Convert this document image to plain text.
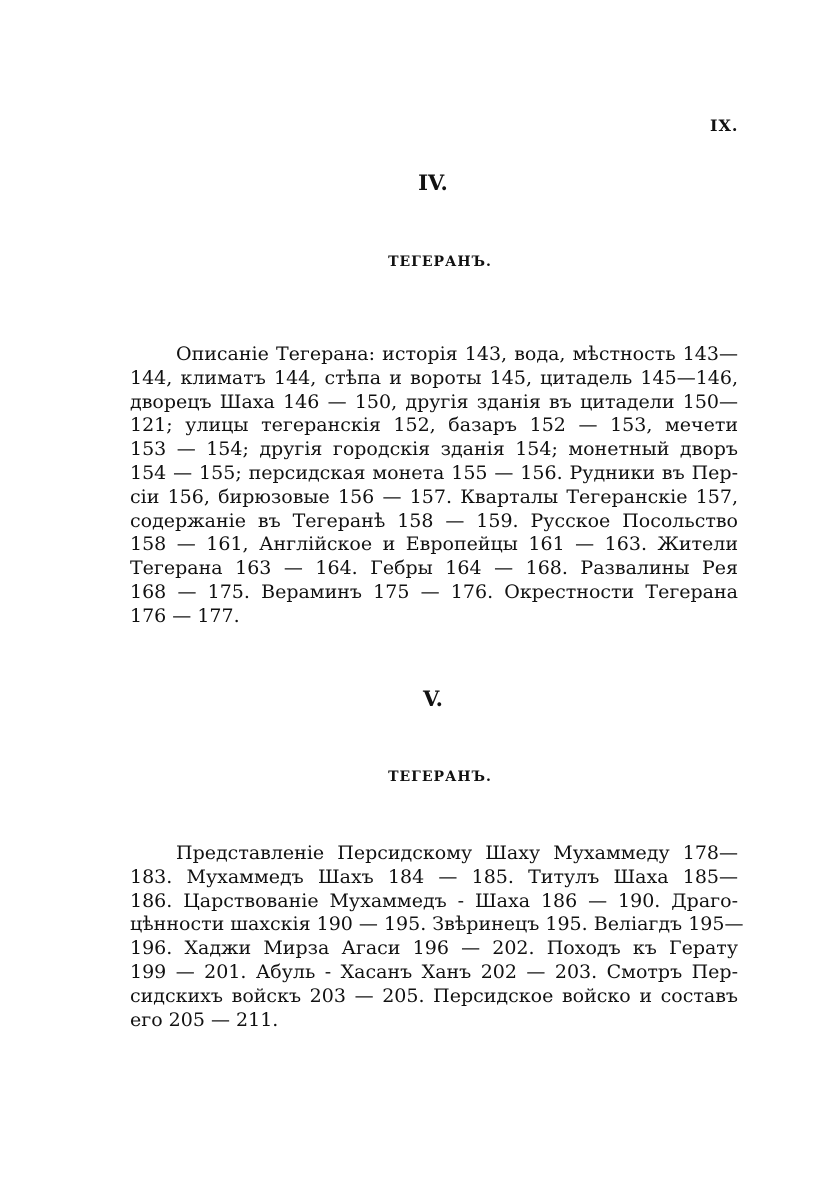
IX.
IV.
ТЕГЕРАНЪ.
Описаніе Тегерана: исторія 143, вода, мѣстность 143—
144, климатъ 144, стѣпа и вороты 145, цитадель 145—146,
дворецъ Шаха 146 — 150, другія зданія въ цитадели 150—
121; улицы тегеранскія 152, базаръ 152 — 153, мечети
153 — 154; другія городскія зданія 154; монетный дворъ
154 — 155; персидская монета 155 — 156. Рудники въ Пер-
сіи 156, бирюзовые 156 — 157. Кварталы Тегеранскіе 157,
содержаніе въ Тегеранѣ 158 — 159. Русское Посольство
158 — 161, Англійское и Европейцы 161 — 163. Жители
Тегерана 163 — 164. Гебры 164 — 168. Развалины Рея
168 — 175. Вераминъ 175 — 176. Окрестности Тегерана
176 — 177.
V.
ТЕГЕРАНЪ.
Представленіе Персидскому Шаху Мухаммеду 178—
183. Мухаммедъ Шахъ 184 — 185. Титулъ Шаха 185—
186. Царствованіе Мухаммедъ - Шаха 186 — 190. Драго-
цѣнности шахскія 190 — 195. Звѣринецъ 195. Веліагдъ 195—
196. Хаджи Мирза Агаси 196 — 202. Походъ къ Герату
199 — 201. Абуль - Хасанъ Ханъ 202 — 203. Смотръ Пер-
сидскихъ войскъ 203 — 205. Персидское войско и составъ
его 205 — 211.
